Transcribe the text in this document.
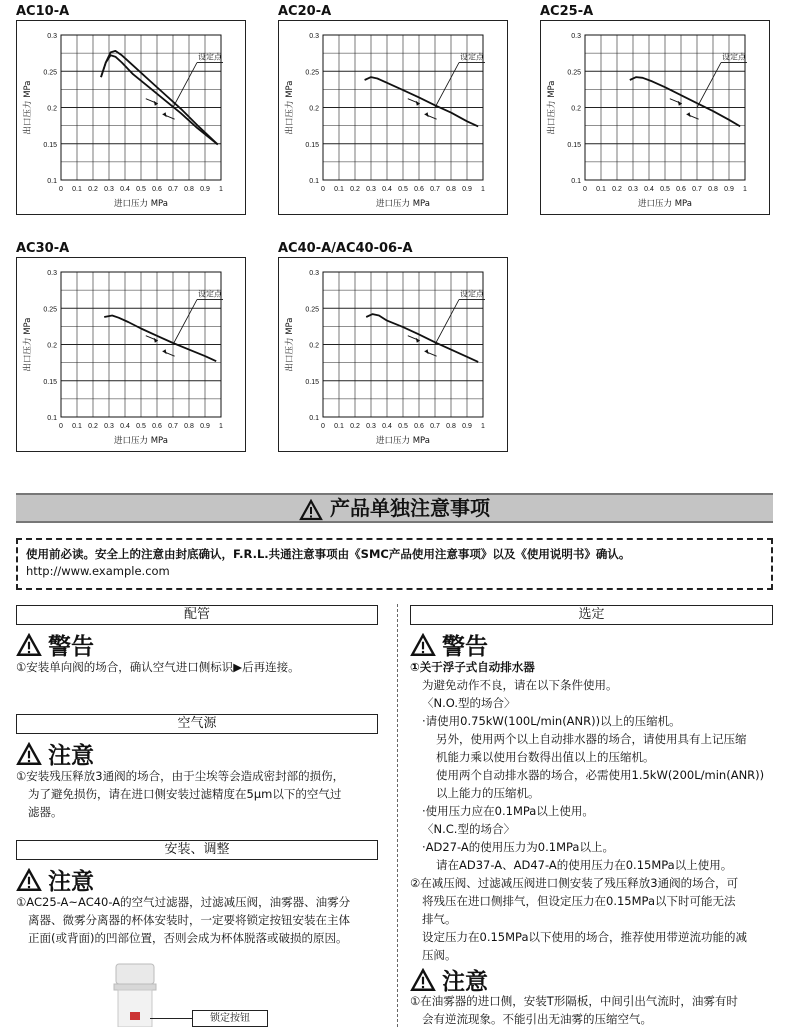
AC10-A
0 0.1 0.2 0.3 0.4 0.5 0.6 0.7 0.8 0.9 1
0.3
0.25
0.2
0.15
0.1
进口压力 MPa
出口压力 MPa
设定点
AC20-A
0 0.1 0.2 0.3 0.4 0.5 0.6 0.7 0.8 0.9 1
0.3
0.25
0.2
0.15
0.1
进口压力 MPa
出口压力 MPa
设定点
AC25-A
0 0.1 0.2 0.3 0.4 0.5 0.6 0.7 0.8 0.9 1
0.3
0.25
0.2
0.15
0.1
进口压力 MPa
出口压力 MPa
设定点
AC30-A
0 0.1 0.2 0.3 0.4 0.5 0.6 0.7 0.8 0.9 1
0.3
0.25
0.2
0.15
0.1
进口压力 MPa
出口压力 MPa
设定点
AC40-A/AC40-06-A
0 0.1 0.2 0.3 0.4 0.5 0.6 0.7 0.8 0.9 1
0.3
0.25
0.2
0.15
0.1
进口压力 MPa
出口压力 MPa
设定点
产品单独注意事项
使用前必读。安全上的注意由封底确认，F.R.L.共通注意事项由《SMC产品使用注意事项》以及《使用说明书》确认。
http://www.example.com
配管
警告
①安装单向阀的场合，确认空气进口侧标识▶后再连接。
空气源
注意
①安装残压释放3通阀的场合，由于尘埃等会造成密封部的损伤，
为了避免损伤，请在进口侧安装过滤精度在5μm以下的空气过
滤器。
安装、调整
注意
①AC25-A~AC40-A的空气过滤器，过滤减压阀，油雾器、油雾分
离器、微雾分离器的杯体安装时，一定要将锁定按钮安装在主体
正面(或背面)的凹部位置，否则会成为杯体脱落或破损的原因。
锁定按钮
选定
警告
①关于浮子式自动排水器
为避免动作不良，请在以下条件使用。
〈N.O.型的场合〉
·请使用0.75kW(100L/min(ANR))以上的压缩机。
另外，使用两个以上自动排水器的场合，请使用具有上记压缩
机能力乘以使用台数得出值以上的压缩机。
使用两个自动排水器的场合，必需使用1.5kW(200L/min(ANR))
以上能力的压缩机。
·使用压力应在0.1MPa以上使用。
〈N.C.型的场合〉
·AD27-A的使用压力为0.1MPa以上。
请在AD37-A、AD47-A的使用压力在0.15MPa以上使用。
②在减压阀、过滤减压阀进口侧安装了残压释放3通阀的场合，可
将残压在进口侧排气，但设定压力在0.15MPa以下时可能无法
排气。
设定压力在0.15MPa以下使用的场合，推荐使用带逆流功能的减
压阀。
注意
①在油雾器的进口侧，安装T形隔板，中间引出气流时，油雾有时
会有逆流现象。不能引出无油雾的压缩空气。
